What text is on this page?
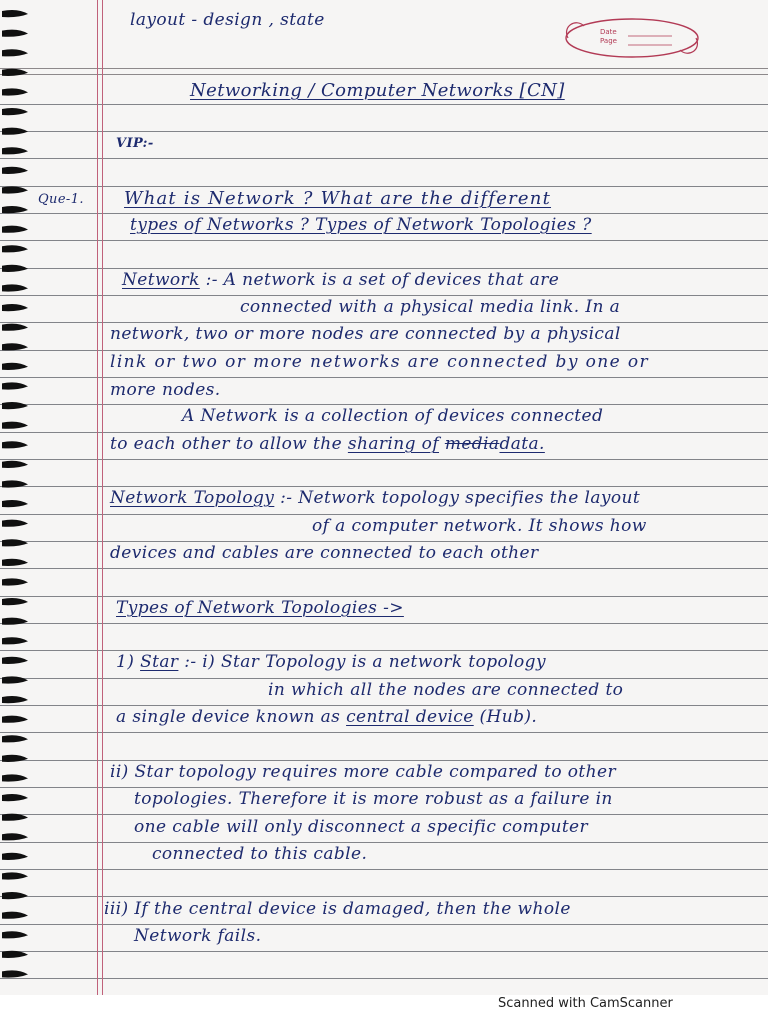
Date
Page
layout - design , state
Networking / Computer Networks [CN]
VIP:-
Que-1. What is Network ? What are the different
types of Networks ? Types of Network Topologies ?
Network :- A network is a set of devices that are
connected with a physical media link. In a
network, two or more nodes are connected by a physical
link or two or more networks are connected by one or
more nodes.
A Network is a collection of devices connected
to each other to allow the sharing of mediadata.
Network Topology :- Network topology specifies the layout
of a computer network. It shows how
devices and cables are connected to each other
Types of Network Topologies ->
1) Star :- i) Star Topology is a network topology
in which all the nodes are connected to
a single device known as central device (Hub).
ii) Star topology requires more cable compared to other
topologies. Therefore it is more robust as a failure in
one cable will only disconnect a specific computer
connected to this cable.
iii) If the central device is damaged, then the whole
Network fails.
Scanned with CamScanner
